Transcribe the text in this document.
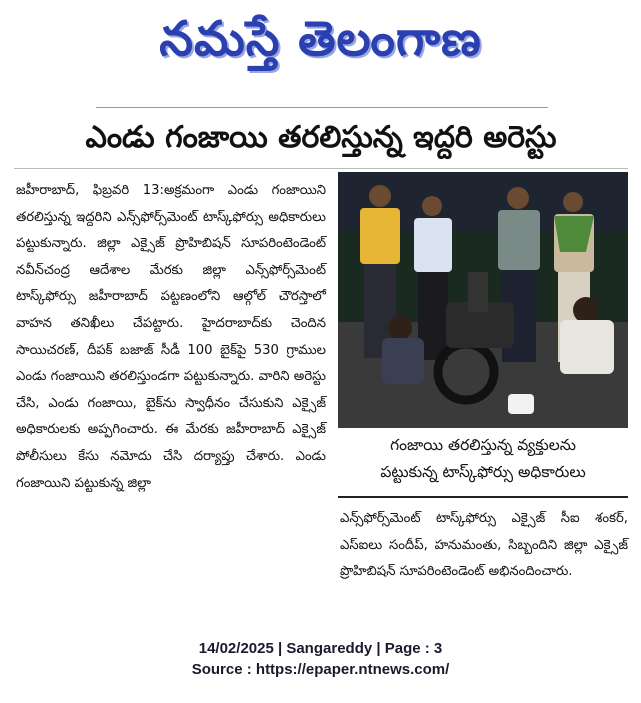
నమస్తే తెలంగాణ
ఎండు గంజాయి తరలిస్తున్న ఇద్దరి అరెస్టు

జహీరాబాద్, ఫిబ్రవరి 13:అక్రమంగా ఎండు గంజాయిని తరలిస్తున్న ఇద్దరిని ఎన్స్‌ఫోర్స్‌మెంట్ టాస్క్‌ఫోర్సు అధికారులు పట్టుకున్నారు. జిల్లా ఎక్సైజ్ ప్రొహిబిషన్ సూపరింటెండెంట్ నవీన్‌చంద్ర ఆదేశాల మేరకు జిల్లా ఎన్స్‌ఫోర్స్‌మెంట్ టాస్క్‌ఫోర్సు జహీరాబాద్ పట్టణంలోని ఆల్గోల్ చౌరస్తాలో వాహన తనిఖీలు చేపట్టారు. హైదరాబాద్‌కు చెందిన సాయిచరణ్, దీపక్ బజాజ్ సీడీ 100 బైక్‌పై 530 గ్రాముల ఎండు గంజాయిని తరలిస్తుండగా పట్టుకున్నారు. వారిని అరెస్టు చేసి, ఎండు గంజాయి, బైక్‌ను స్వాధీనం చేసుకుని ఎక్సైజ్ అధికారులకు అప్పగించారు. ఈ మేరకు జహీరాబాద్ ఎక్సైజ్ పోలీసులు కేసు నమోదు చేసి దర్యాప్తు చేశారు. ఎండు గంజాయిని పట్టుకున్న జిల్లా

గంజాయి తరలిస్తున్న వ్యక్తులను
పట్టుకున్న టాస్క్‌ఫోర్సు అధికారులు

ఎన్స్‌ఫోర్స్‌మెంట్ టాస్క్‌ఫోర్సు ఎక్సైజ్ సీఐ శంకర్, ఎస్ఐలు సందీప్, హనుమంతు, సిబ్బందిని జిల్లా ఎక్సైజ్ ప్రొహిబిషన్ సూపరింటెండెంట్ అభినందించారు.

14/02/2025 | Sangareddy | Page : 3
Source : https://epaper.ntnews.com/
